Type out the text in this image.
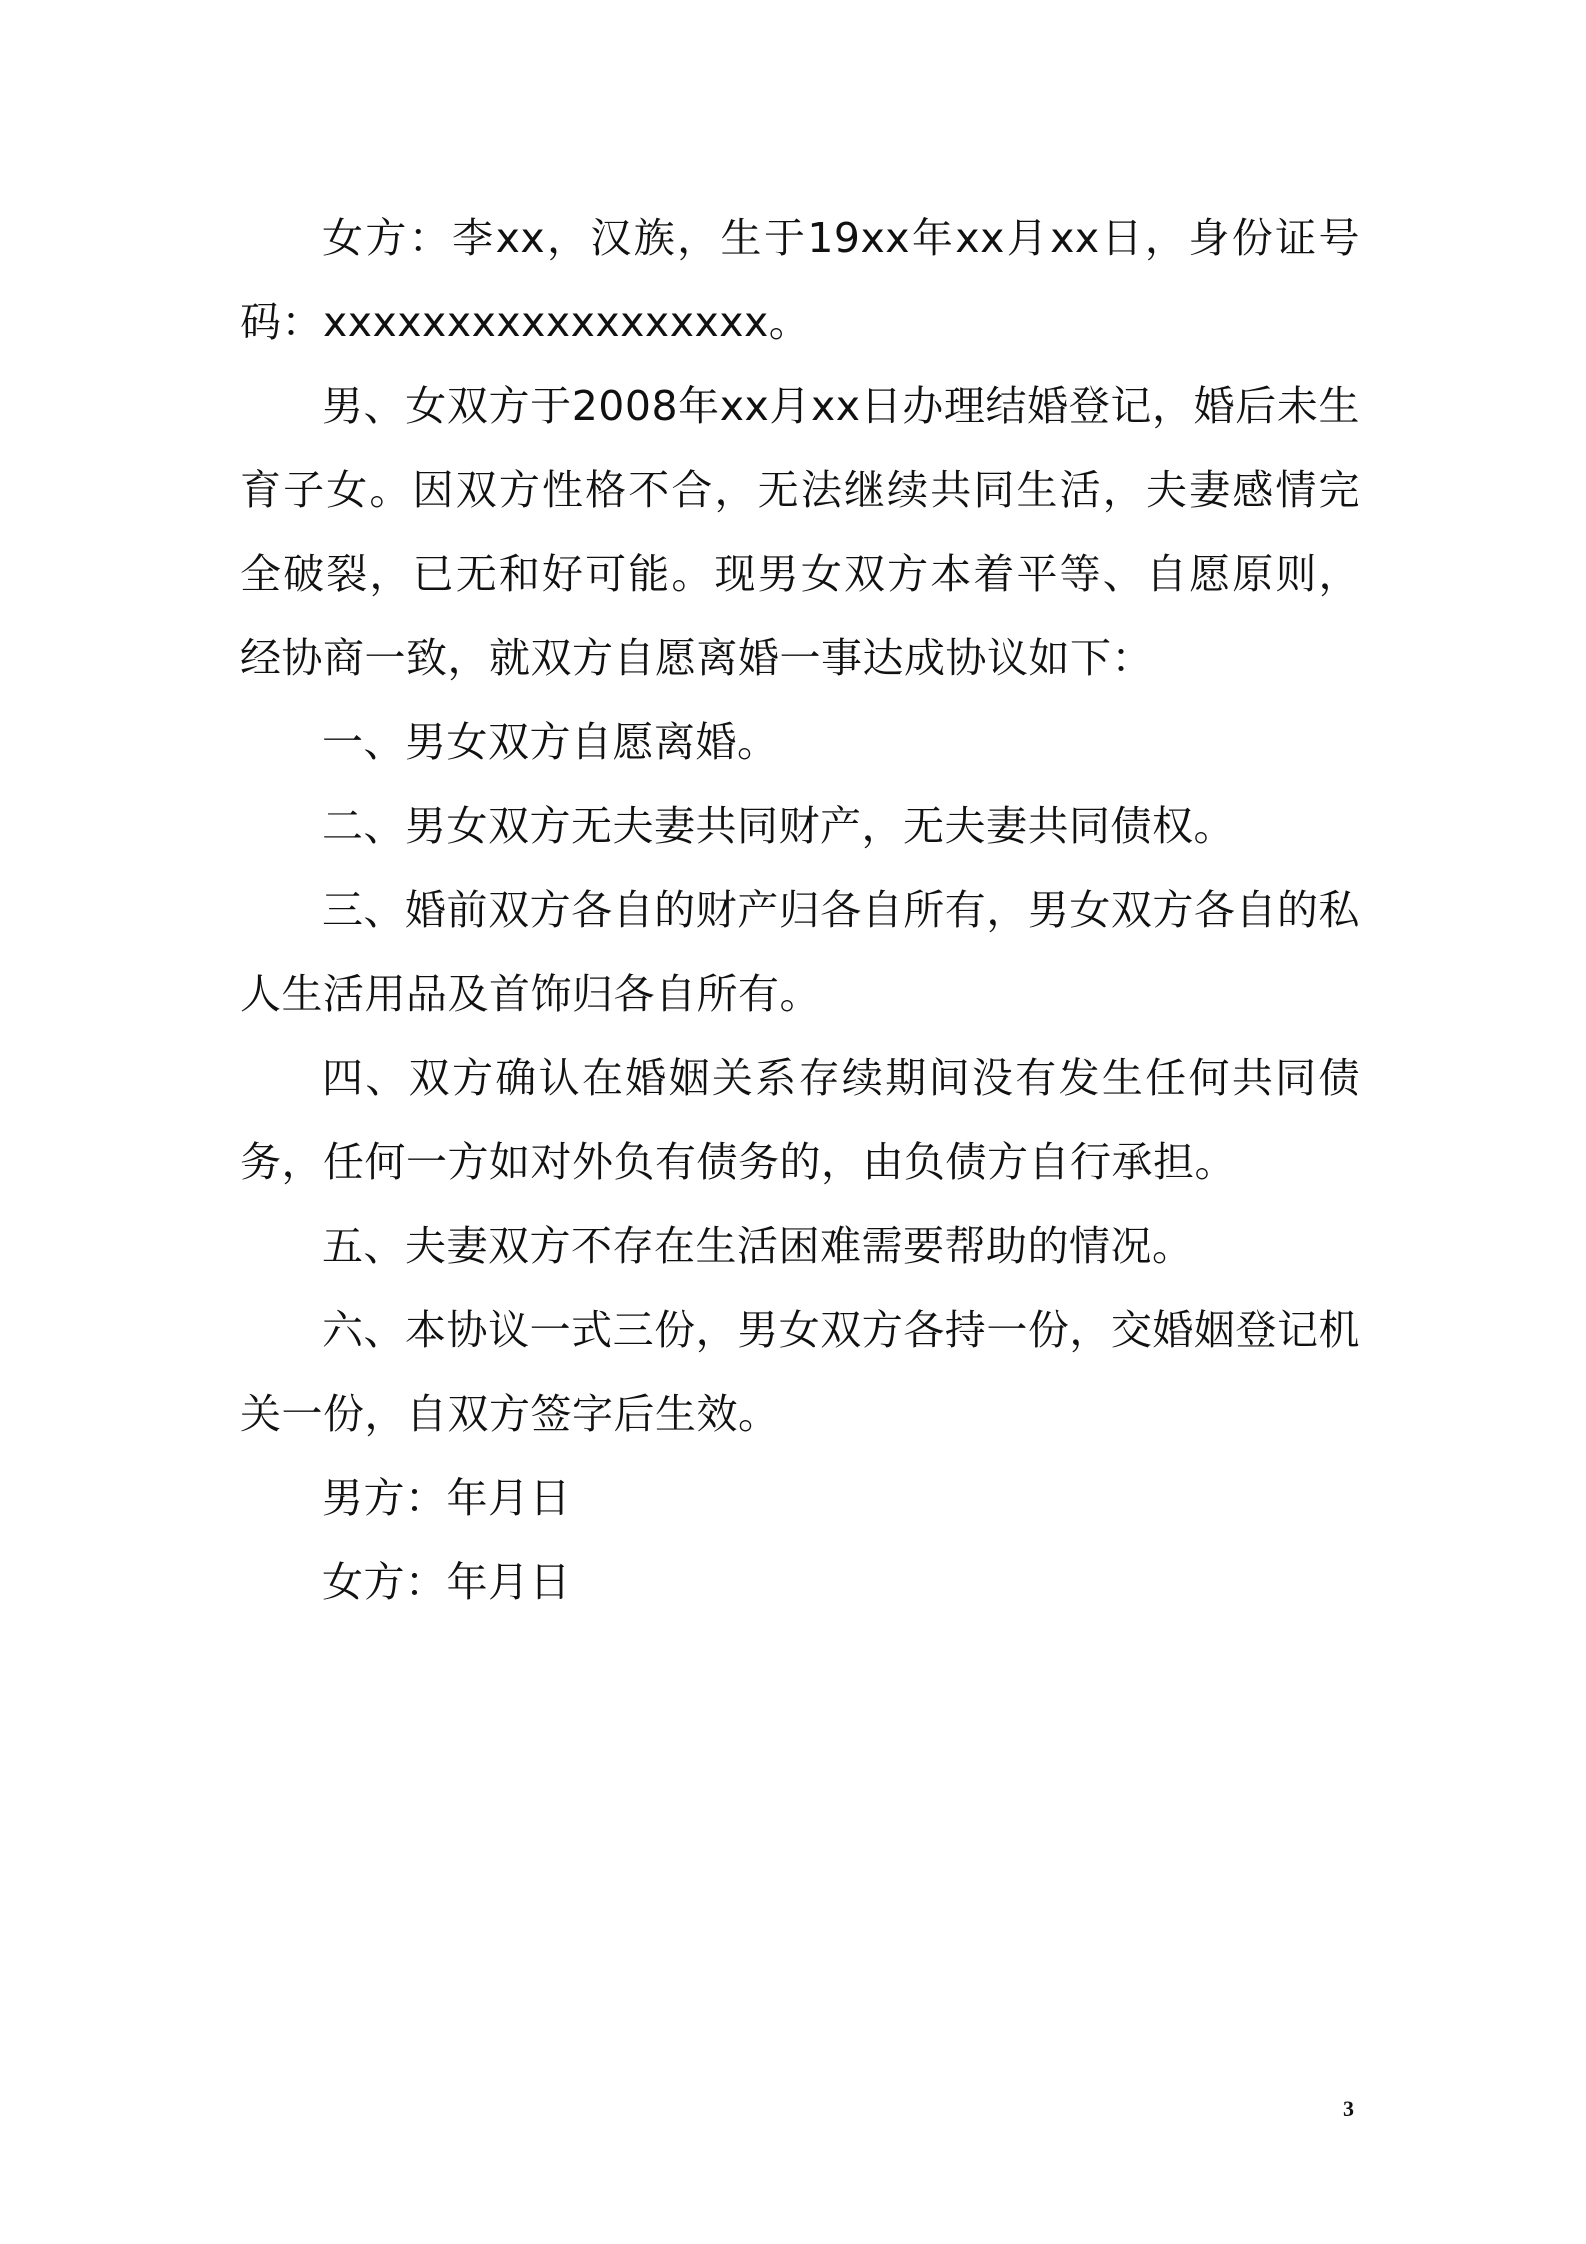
女方：李xx，汉族，生于19xx年xx月xx日，身份证号码：xxxxxxxxxxxxxxxxxx。

男、女双方于2008年xx月xx日办理结婚登记，婚后未生育子女。因双方性格不合，无法继续共同生活，夫妻感情完全破裂，已无和好可能。现男女双方本着平等、自愿原则，经协商一致，就双方自愿离婚一事达成协议如下：

一、男女双方自愿离婚。

二、男女双方无夫妻共同财产，无夫妻共同债权。

三、婚前双方各自的财产归各自所有，男女双方各自的私人生活用品及首饰归各自所有。

四、双方确认在婚姻关系存续期间没有发生任何共同债务，任何一方如对外负有债务的，由负债方自行承担。

五、夫妻双方不存在生活困难需要帮助的情况。

六、本协议一式三份，男女双方各持一份，交婚姻登记机关一份，自双方签字后生效。

男方：年月日

女方：年月日

3
